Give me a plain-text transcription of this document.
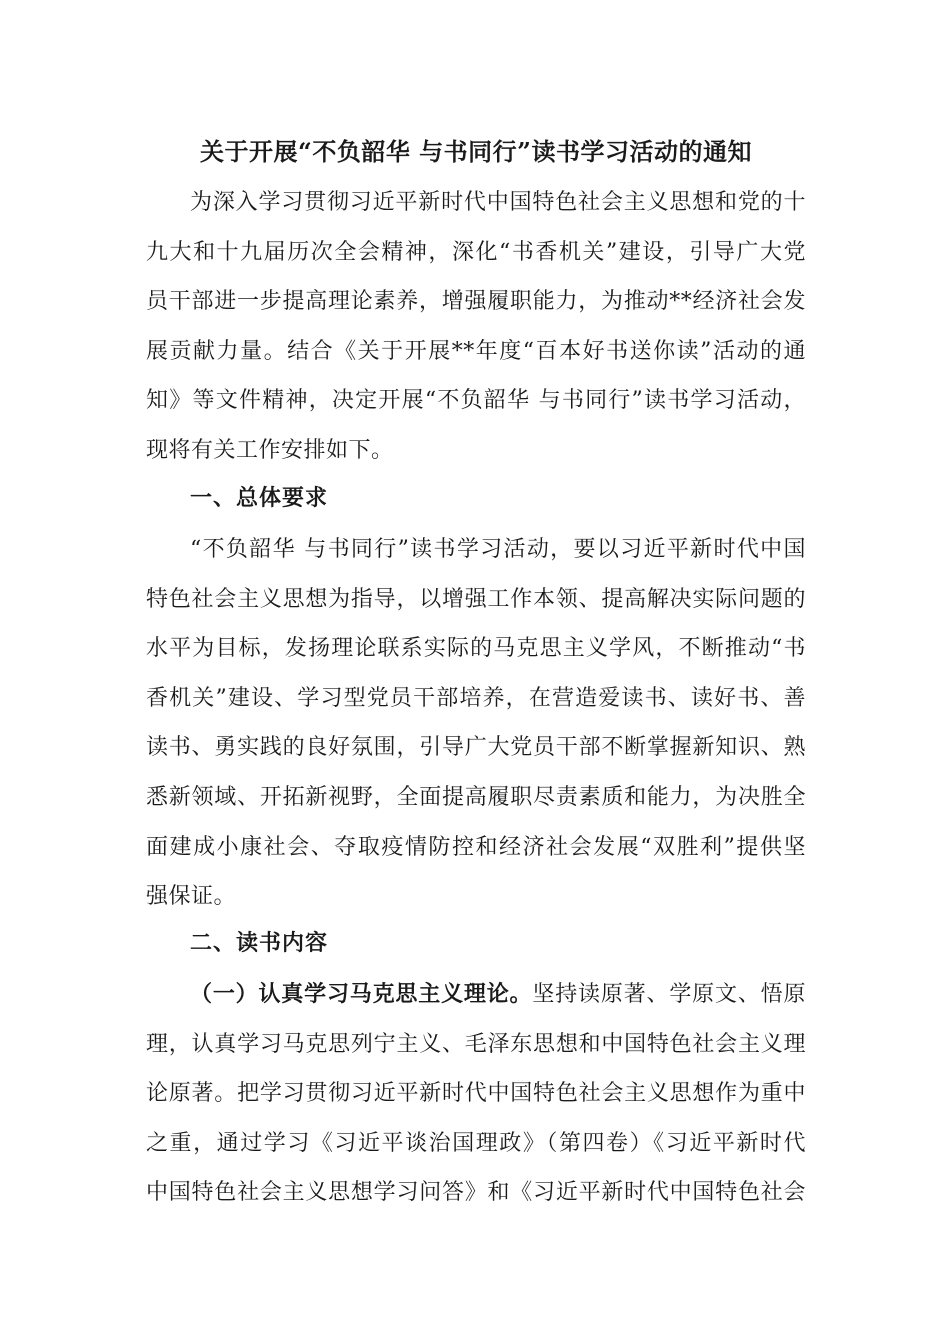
关于开展“不负韶华 与书同行”读书学习活动的通知
为深入学习贯彻习近平新时代中国特色社会主义思想和党的十
九大和十九届历次全会精神，深化“书香机关”建设，引导广大党
员干部进一步提高理论素养，增强履职能力，为推动**经济社会发
展贡献力量。结合《关于开展**年度“百本好书送你读”活动的通
知》等文件精神，决定开展“不负韶华 与书同行”读书学习活动，
现将有关工作安排如下。
一、总体要求
“不负韶华 与书同行”读书学习活动，要以习近平新时代中国
特色社会主义思想为指导，以增强工作本领、提高解决实际问题的
水平为目标，发扬理论联系实际的马克思主义学风，不断推动“书
香机关”建设、学习型党员干部培养，在营造爱读书、读好书、善
读书、勇实践的良好氛围，引导广大党员干部不断掌握新知识、熟
悉新领域、开拓新视野，全面提高履职尽责素质和能力，为决胜全
面建成小康社会、夺取疫情防控和经济社会发展“双胜利”提供坚
强保证。
二、读书内容
（一）认真学习马克思主义理论。坚持读原著、学原文、悟原
理，认真学习马克思列宁主义、毛泽东思想和中国特色社会主义理
论原著。把学习贯彻习近平新时代中国特色社会主义思想作为重中
之重，通过学习《习近平谈治国理政》（第四卷）《习近平新时代
中国特色社会主义思想学习问答》和《习近平新时代中国特色社会
